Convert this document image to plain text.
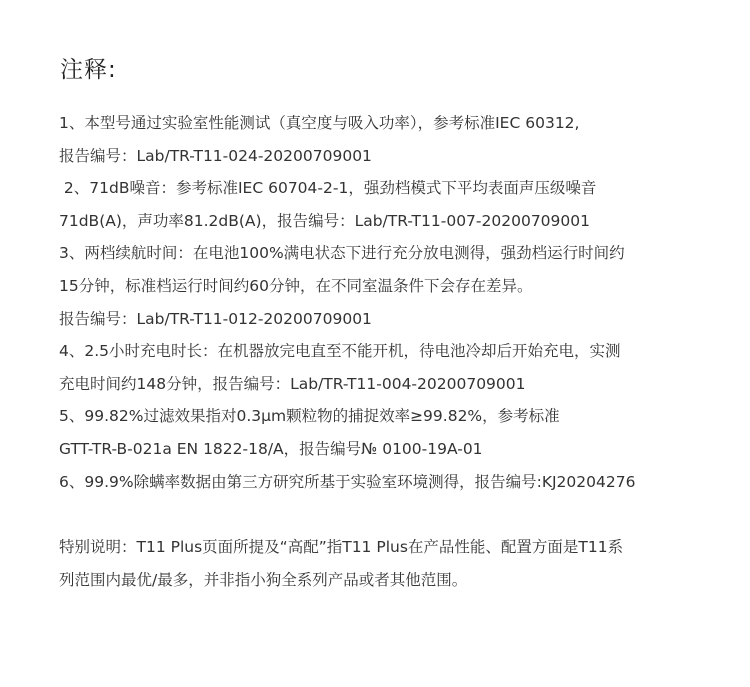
注释:
1、本型号通过实验室性能测试（真空度与吸入功率），参考标准IEC 60312,
报告编号：Lab/TR-T11-024-20200709001
2、71dB噪音：参考标准IEC 60704-2-1，强劲档模式下平均表面声压级噪音
71dB(A)，声功率81.2dB(A)，报告编号：Lab/TR-T11-007-20200709001
3、两档续航时间：在电池100%满电状态下进行充分放电测得，强劲档运行时间约
15分钟，标准档运行时间约60分钟，在不同室温条件下会存在差异。
报告编号：Lab/TR-T11-012-20200709001
4、2.5小时充电时长：在机器放完电直至不能开机，待电池冷却后开始充电，实测
充电时间约148分钟，报告编号：Lab/TR-T11-004-20200709001
5、99.82%过滤效果指对0.3μm颗粒物的捕捉效率≥99.82%，参考标准
GTT-TR-B-021a EN 1822-18/A，报告编号№ 0100-19A-01
6、99.9%除螨率数据由第三方研究所基于实验室环境测得，报告编号:KJ20204276
特别说明：T11 Plus页面所提及“高配”指T11 Plus在产品性能、配置方面是T11系
列范围内最优/最多，并非指小狗全系列产品或者其他范围。
